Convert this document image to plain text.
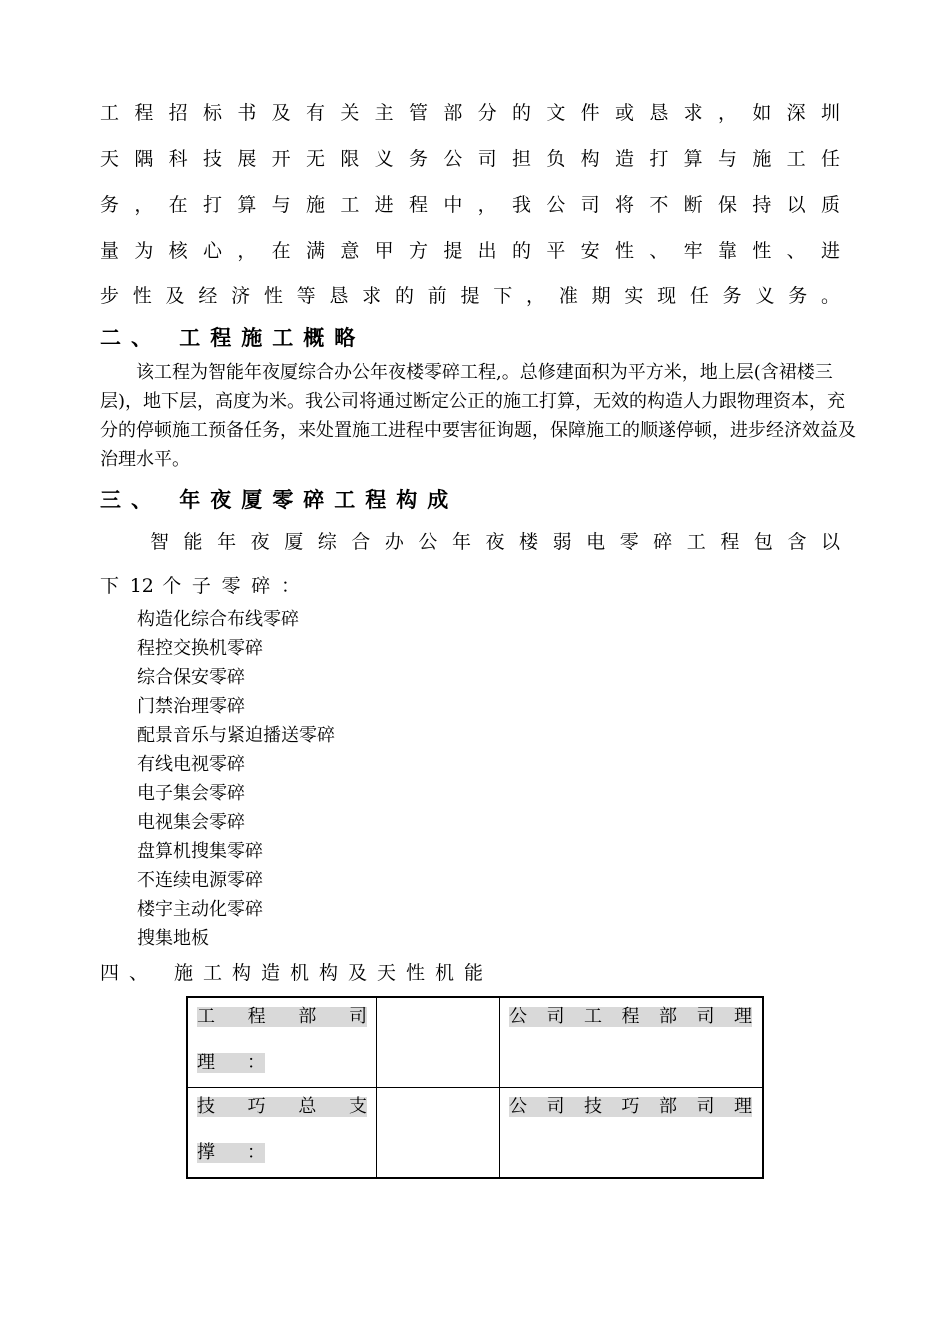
工 程 招 标 书 及 有 关 主 管 部 分 的 文 件 或 恳 求 ， 如 深 圳
天 隅 科 技 展 开 无 限 义 务 公 司 担 负 构 造 打 算 与 施 工 任
务 ， 在 打 算 与 施 工 进 程 中 ， 我 公 司 将 不 断 保 持 以 质
量 为 核 心 ， 在 满 意 甲 方 提 出 的 平 安 性 、 牢 靠 性 、 进
步 性 及 经 济 性 等 恳 求 的 前 提 下 ， 准 期 实 现 任 务 义 务 。
二、 工程施工概略
该工程为智能年夜厦综合办公年夜楼零碎工程,。总修建面积为平方米，地上层(含裙楼三层)，地下层，高度为米。我公司将通过断定公正的施工打算，无效的构造人力跟物理资本，充分的停顿施工预备任务，来处置施工进程中要害征询题，保障施工的顺遂停顿，进步经济效益及治理水平。
三、 年夜厦零碎工程构成
智 能 年 夜 厦 综 合 办 公 年 夜 楼 弱 电 零 碎 工 程 包 含 以
下 12 个 子 零 碎 ：
构造化综合布线零碎
程控交换机零碎
综合保安零碎
门禁治理零碎
配景音乐与紧迫播送零碎
有线电视零碎
电子集会零碎
电视集会零碎
盘算机搜集零碎
不连续电源零碎
楼宇主动化零碎
搜集地板
四、 施工构造机构及天性机能
工 程 部 司
理 ：		公 司 工 程 部 司 理

技 巧 总 支
撑 ：		公 司 技 巧 部 司 理
